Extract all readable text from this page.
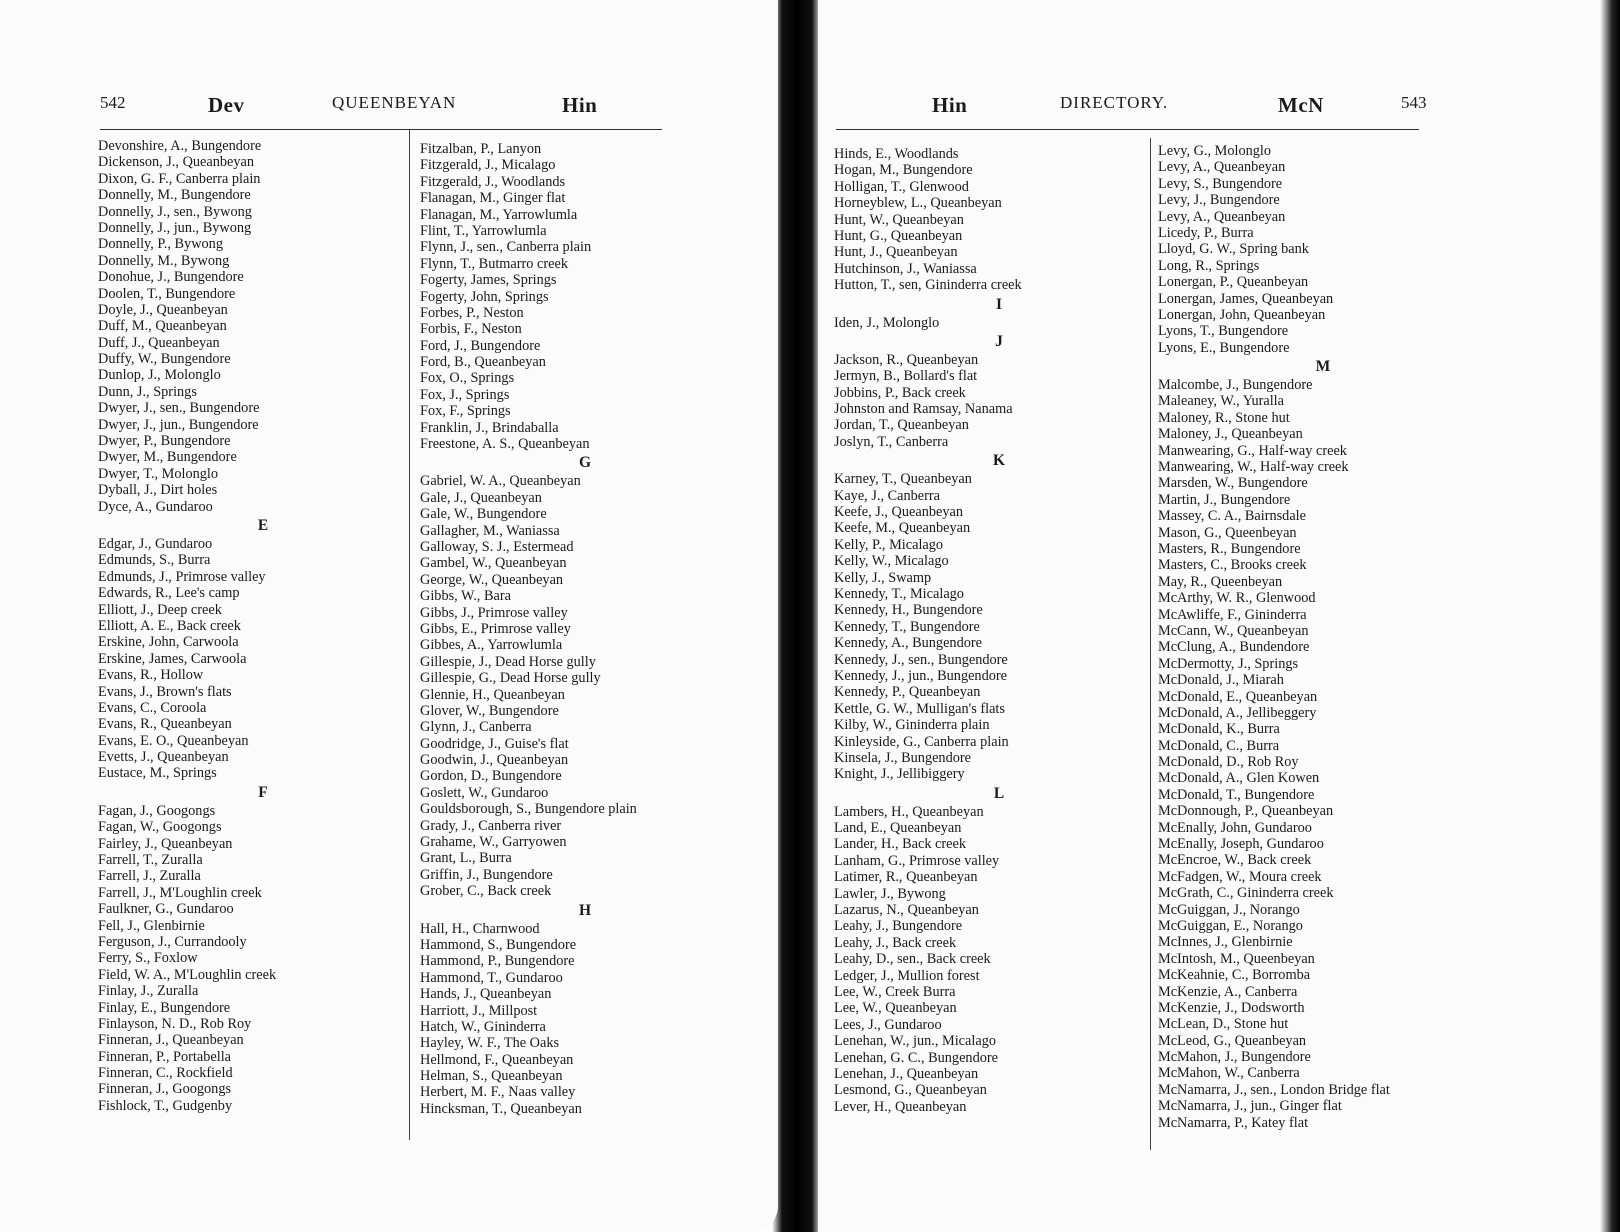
542	Dev	QUEENBEYAN	Hin
Devonshire, A., Bungendore
Dickenson, J., Queanbeyan
Dixon, G. F., Canberra plain
Donnelly, M., Bungendore
Donnelly, J., sen., Bywong
Donnelly, J., jun., Bywong
Donnelly, P., Bywong
Donnelly, M., Bywong
Donohue, J., Bungendore
Doolen, T., Bungendore
Doyle, J., Queanbeyan
Duff, M., Queanbeyan
Duff, J., Queanbeyan
Duffy, W., Bungendore
Dunlop, J., Molonglo
Dunn, J., Springs
Dwyer, J., sen., Bungendore
Dwyer, J., jun., Bungendore
Dwyer, P., Bungendore
Dwyer, M., Bungendore
Dwyer, T., Molonglo
Dyball, J., Dirt holes
Dyce, A., Gundaroo
E
Edgar, J., Gundaroo
Edmunds, S., Burra
Edmunds, J., Primrose valley
Edwards, R., Lee's camp
Elliott, J., Deep creek
Elliott, A. E., Back creek
Erskine, John, Carwoola
Erskine, James, Carwoola
Evans, R., Hollow
Evans, J., Brown's flats
Evans, C., Coroola
Evans, R., Queanbeyan
Evans, E. O., Queanbeyan
Evetts, J., Queanbeyan
Eustace, M., Springs
F
Fagan, J., Googongs
Fagan, W., Googongs
Fairley, J., Queanbeyan
Farrell, T., Zuralla
Farrell, J., Zuralla
Farrell, J., M'Loughlin creek
Faulkner, G., Gundaroo
Fell, J., Glenbirnie
Ferguson, J., Currandooly
Ferry, S., Foxlow
Field, W. A., M'Loughlin creek
Finlay, J., Zuralla
Finlay, E., Bungendore
Finlayson, N. D., Rob Roy
Finneran, J., Queanbeyan
Finneran, P., Portabella
Finneran, C., Rockfield
Finneran, J., Googongs
Fishlock, T., Gudgenby
Fitzalban, P., Lanyon
Fitzgerald, J., Micalago
Fitzgerald, J., Woodlands
Flanagan, M., Ginger flat
Flanagan, M., Yarrowlumla
Flint, T., Yarrowlumla
Flynn, J., sen., Canberra plain
Flynn, T., Butmarro creek
Fogerty, James, Springs
Fogerty, John, Springs
Forbes, P., Neston
Forbis, F., Neston
Ford, J., Bungendore
Ford, B., Queanbeyan
Fox, O., Springs
Fox, J., Springs
Fox, F., Springs
Franklin, J., Brindaballa
Freestone, A. S., Queanbeyan
G
Gabriel, W. A., Queanbeyan
Gale, J., Queanbeyan
Gale, W., Bungendore
Gallagher, M., Waniassa
Galloway, S. J., Estermead
Gambel, W., Queanbeyan
George, W., Queanbeyan
Gibbs, W., Bara
Gibbs, J., Primrose valley
Gibbs, E., Primrose valley
Gibbes, A., Yarrowlumla
Gillespie, J., Dead Horse gully
Gillespie, G., Dead Horse gully
Glennie, H., Queanbeyan
Glover, W., Bungendore
Glynn, J., Canberra
Goodridge, J., Guise's flat
Goodwin, J., Queanbeyan
Gordon, D., Bungendore
Goslett, W., Gundaroo
Gouldsborough, S., Bungendore plain
Grady, J., Canberra river
Grahame, W., Garryowen
Grant, L., Burra
Griffin, J., Bungendore
Grober, C., Back creek
H
Hall, H., Charnwood
Hammond, S., Bungendore
Hammond, P., Bungendore
Hammond, T., Gundaroo
Hands, J., Queanbeyan
Harriott, J., Millpost
Hatch, W., Gininderra
Hayley, W. F., The Oaks
Hellmond, F., Queanbeyan
Helman, S., Queanbeyan
Herbert, M. F., Naas valley
Hincksman, T., Queanbeyan
Hin	DIRECTORY.	McN	543
Hinds, E., Woodlands
Hogan, M., Bungendore
Holligan, T., Glenwood
Horneyblew, L., Queanbeyan
Hunt, W., Queanbeyan
Hunt, G., Queanbeyan
Hunt, J., Queanbeyan
Hutchinson, J., Waniassa
Hutton, T., sen, Gininderra creek
I
Iden, J., Molonglo
J
Jackson, R., Queanbeyan
Jermyn, B., Bollard's flat
Jobbins, P., Back creek
Johnston and Ramsay, Nanama
Jordan, T., Queanbeyan
Joslyn, T., Canberra
K
Karney, T., Queanbeyan
Kaye, J., Canberra
Keefe, J., Queanbeyan
Keefe, M., Queanbeyan
Kelly, P., Micalago
Kelly, W., Micalago
Kelly, J., Swamp
Kennedy, T., Micalago
Kennedy, H., Bungendore
Kennedy, T., Bungendore
Kennedy, A., Bungendore
Kennedy, J., sen., Bungendore
Kennedy, J., jun., Bungendore
Kennedy, P., Queanbeyan
Kettle, G. W., Mulligan's flats
Kilby, W., Gininderra plain
Kinleyside, G., Canberra plain
Kinsela, J., Bungendore
Knight, J., Jellibiggery
L
Lambers, H., Queanbeyan
Land, E., Queanbeyan
Lander, H., Back creek
Lanham, G., Primrose valley
Latimer, R., Queanbeyan
Lawler, J., Bywong
Lazarus, N., Queanbeyan
Leahy, J., Bungendore
Leahy, J., Back creek
Leahy, D., sen., Back creek
Ledger, J., Mullion forest
Lee, W., Creek Burra
Lee, W., Queanbeyan
Lees, J., Gundaroo
Lenehan, W., jun., Micalago
Lenehan, G. C., Bungendore
Lenehan, J., Queanbeyan
Lesmond, G., Queanbeyan
Lever, H., Queanbeyan
Levy, G., Molonglo
Levy, A., Queanbeyan
Levy, S., Bungendore
Levy, J., Bungendore
Levy, A., Queanbeyan
Licedy, P., Burra
Lloyd, G. W., Spring bank
Long, R., Springs
Lonergan, P., Queanbeyan
Lonergan, James, Queanbeyan
Lonergan, John, Queanbeyan
Lyons, T., Bungendore
Lyons, E., Bungendore
M
Malcombe, J., Bungendore
Maleaney, W., Yuralla
Maloney, R., Stone hut
Maloney, J., Queanbeyan
Manwearing, G., Half-way creek
Manwearing, W., Half-way creek
Marsden, W., Bungendore
Martin, J., Bungendore
Massey, C. A., Bairnsdale
Mason, G., Queenbeyan
Masters, R., Bungendore
Masters, C., Brooks creek
May, R., Queenbeyan
McArthy, W. R., Glenwood
McAwliffe, F., Gininderra
McCann, W., Queanbeyan
McClung, A., Bundendore
McDermotty, J., Springs
McDonald, J., Miarah
McDonald, E., Queanbeyan
McDonald, A., Jellibeggery
McDonald, K., Burra
McDonald, C., Burra
McDonald, D., Rob Roy
McDonald, A., Glen Kowen
McDonald, T., Bungendore
McDonnough, P., Queanbeyan
McEnally, John, Gundaroo
McEnally, Joseph, Gundaroo
McEncroe, W., Back creek
McFadgen, W., Moura creek
McGrath, C., Gininderra creek
McGuiggan, J., Norango
McGuiggan, E., Norango
McInnes, J., Glenbirnie
McIntosh, M., Queenbeyan
McKeahnie, C., Borromba
McKenzie, A., Canberra
McKenzie, J., Dodsworth
McLean, D., Stone hut
McLeod, G., Queanbeyan
McMahon, J., Bungendore
McMahon, W., Canberra
McNamarra, J., sen., London Bridge flat
McNamarra, J., jun., Ginger flat
McNamarra, P., Katey flat
